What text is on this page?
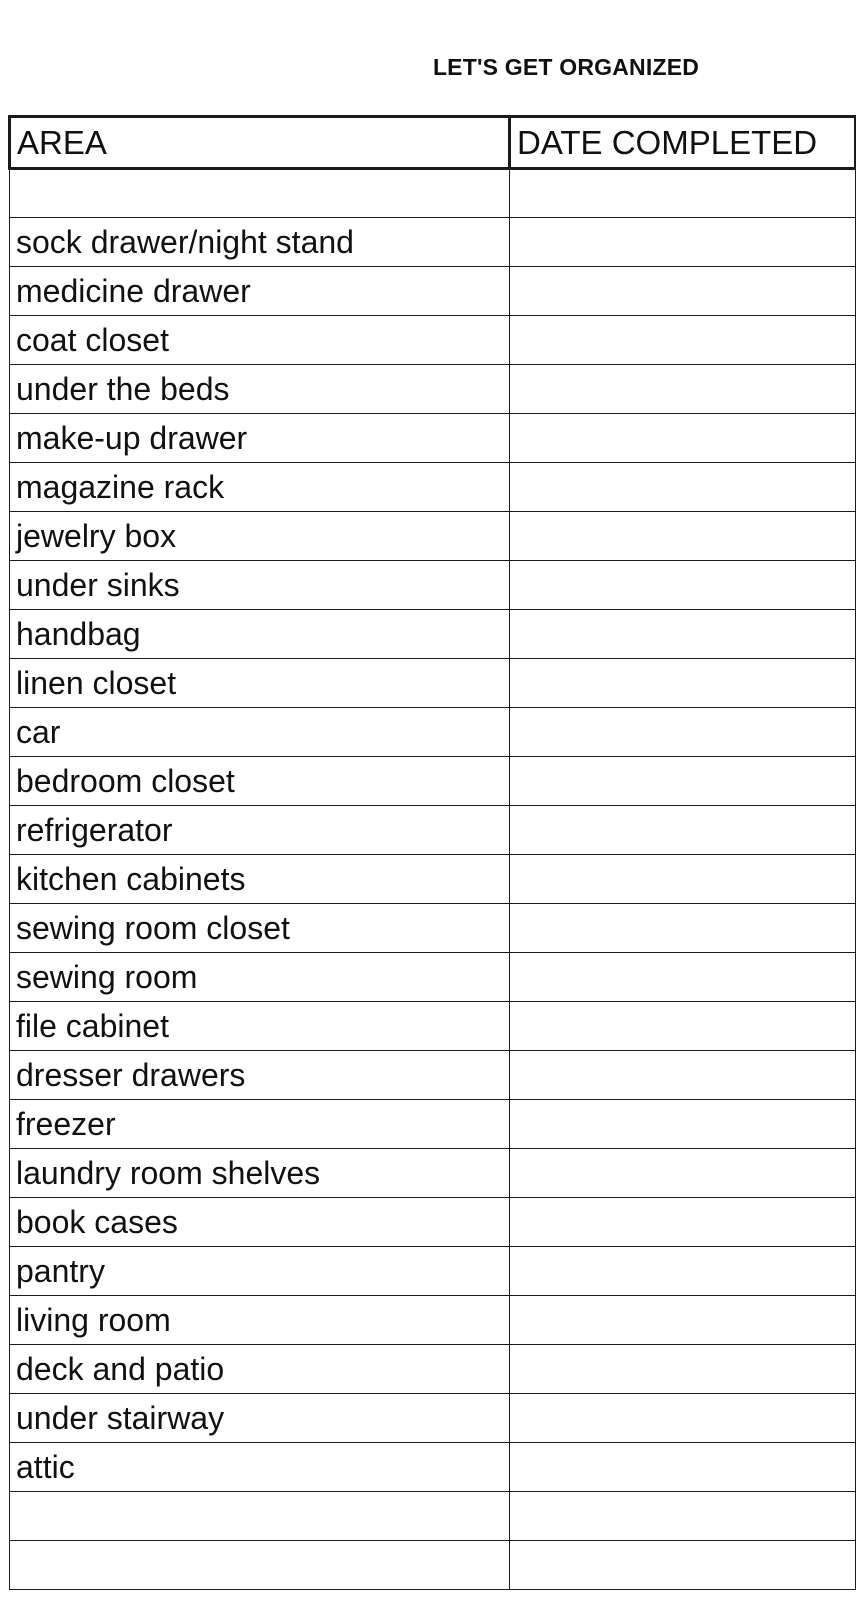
LET'S GET ORGANIZED
AREA	DATE COMPLETED

sock drawer/night stand	
medicine drawer	
coat closet	
under the beds	
make-up drawer	
magazine rack	
jewelry box	
under sinks	
handbag	
linen closet	
car	
bedroom closet	
refrigerator	
kitchen cabinets	
sewing room closet	
sewing room	
file cabinet	
dresser drawers	
freezer	
laundry room shelves	
book cases	
pantry	
living room	
deck and patio	
under stairway	
attic	
